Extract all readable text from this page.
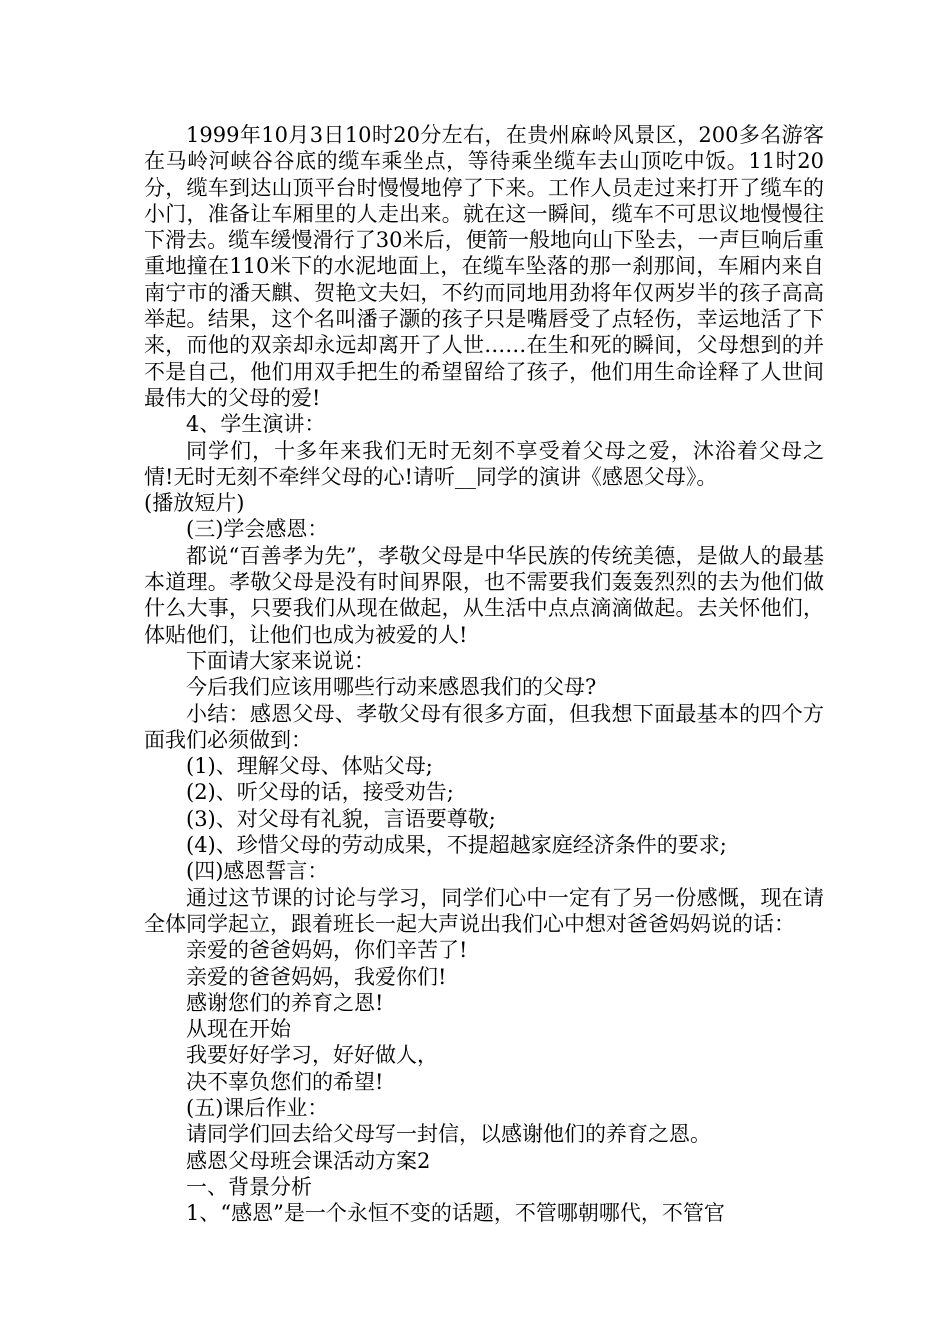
1999年10月3日10时20分左右，在贵州麻岭风景区，200多名游客在马岭河峡谷谷底的缆车乘坐点，等待乘坐缆车去山顶吃中饭。11时20分，缆车到达山顶平台时慢慢地停了下来。工作人员走过来打开了缆车的小门，准备让车厢里的人走出来。就在这一瞬间，缆车不可思议地慢慢往下滑去。缆车缓慢滑行了30米后，便箭一般地向山下坠去，一声巨响后重重地撞在110米下的水泥地面上，在缆车坠落的那一刹那间，车厢内来自南宁市的潘天麒、贺艳文夫妇，不约而同地用劲将年仅两岁半的孩子高高举起。结果，这个名叫潘子灏的孩子只是嘴唇受了点轻伤，幸运地活了下来，而他的双亲却永远却离开了人世……在生和死的瞬间，父母想到的并不是自己，他们用双手把生的希望留给了孩子，他们用生命诠释了人世间最伟大的父母的爱!

4、学生演讲：

同学们，十多年来我们无时无刻不享受着父母之爱，沐浴着父母之情!无时无刻不牵绊父母的心!请听__同学的演讲《感恩父母》。

(播放短片)

(三)学会感恩：

都说“百善孝为先”，孝敬父母是中华民族的传统美德，是做人的最基本道理。孝敬父母是没有时间界限，也不需要我们轰轰烈烈的去为他们做什么大事，只要我们从现在做起，从生活中点点滴滴做起。去关怀他们，体贴他们，让他们也成为被爱的人!

下面请大家来说说：

今后我们应该用哪些行动来感恩我们的父母?

小结：感恩父母、孝敬父母有很多方面，但我想下面最基本的四个方面我们必须做到：

(1)、理解父母、体贴父母;

(2)、听父母的话，接受劝告;

(3)、对父母有礼貌，言语要尊敬;

(4)、珍惜父母的劳动成果，不提超越家庭经济条件的要求;

(四)感恩誓言：

通过这节课的讨论与学习，同学们心中一定有了另一份感慨，现在请全体同学起立，跟着班长一起大声说出我们心中想对爸爸妈妈说的话：

亲爱的爸爸妈妈，你们辛苦了!

亲爱的爸爸妈妈，我爱你们!

感谢您们的养育之恩!

从现在开始

我要好好学习，好好做人，

决不辜负您们的希望!

(五)课后作业：

请同学们回去给父母写一封信，以感谢他们的养育之恩。

感恩父母班会课活动方案2

一、背景分析

1、“感恩”是一个永恒不变的话题，不管哪朝哪代，不管官
